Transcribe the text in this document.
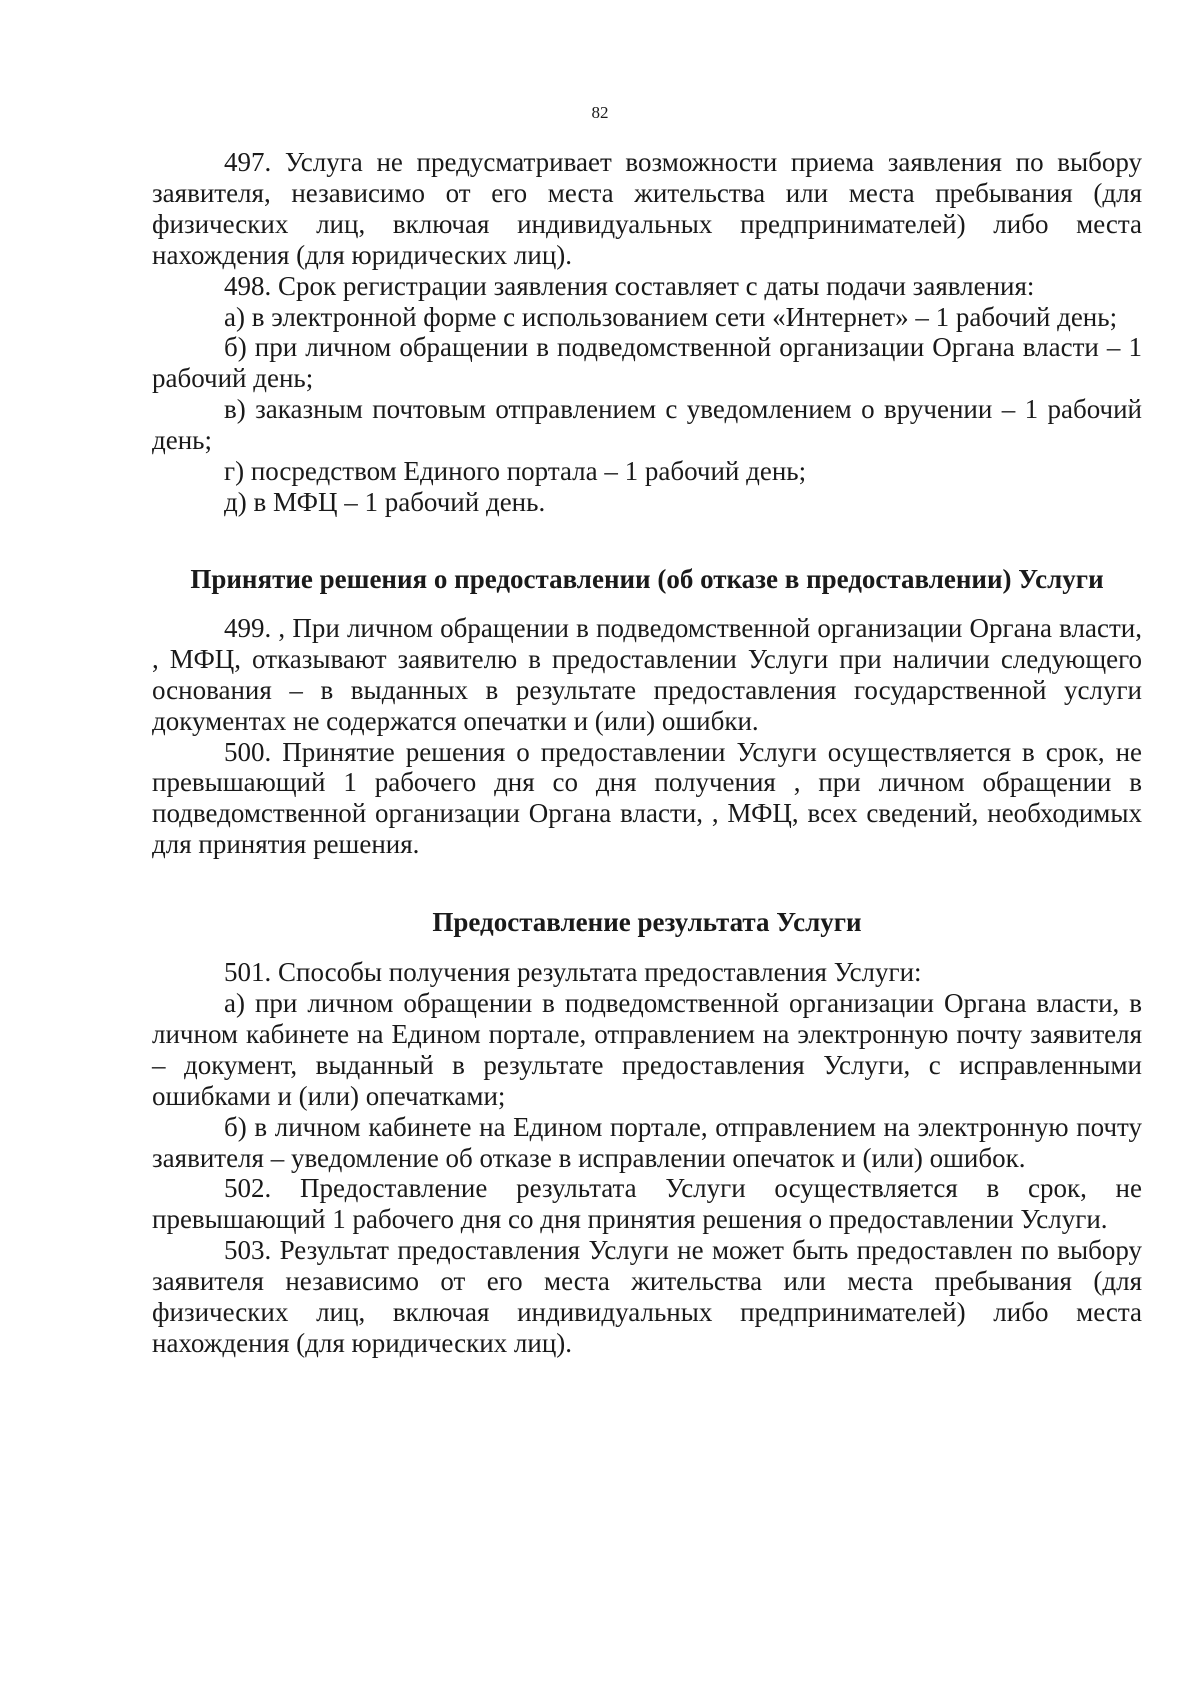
82

497. Услуга не предусматривает возможности приема заявления по выбору заявителя, независимо от его места жительства или места пребывания (для физических лиц, включая индивидуальных предпринимателей) либо места нахождения (для юридических лиц).

498. Срок регистрации заявления составляет с даты подачи заявления:

а) в электронной форме с использованием сети «Интернет» – 1 рабочий день;

б) при личном обращении в подведомственной организации Органа власти – 1 рабочий день;

в) заказным почтовым отправлением с уведомлением о вручении – 1 рабочий день;

г) посредством Единого портала – 1 рабочий день;

д) в МФЦ – 1 рабочий день.

Принятие решения о предоставлении (об отказе в предоставлении) Услуги

499. , При личном обращении в подведомственной организации Органа власти, , МФЦ, отказывают заявителю в предоставлении Услуги при наличии следующего основания – в выданных в результате предоставления государственной услуги документах не содержатся опечатки и (или) ошибки.

500. Принятие решения о предоставлении Услуги осуществляется в срок, не превышающий 1 рабочего дня со дня получения , при личном обращении в подведомственной организации Органа власти, , МФЦ, всех сведений, необходимых для принятия решения.

Предоставление результата Услуги

501. Способы получения результата предоставления Услуги:

а) при личном обращении в подведомственной организации Органа власти, в личном кабинете на Едином портале, отправлением на электронную почту заявителя – документ, выданный в результате предоставления Услуги, с исправленными ошибками и (или) опечатками;

б) в личном кабинете на Едином портале, отправлением на электронную почту заявителя – уведомление об отказе в исправлении опечаток и (или) ошибок.

502. Предоставление результата Услуги осуществляется в срок, не превышающий 1 рабочего дня со дня принятия решения о предоставлении Услуги.

503. Результат предоставления Услуги не может быть предоставлен по выбору заявителя независимо от его места жительства или места пребывания (для физических лиц, включая индивидуальных предпринимателей) либо места нахождения (для юридических лиц).
